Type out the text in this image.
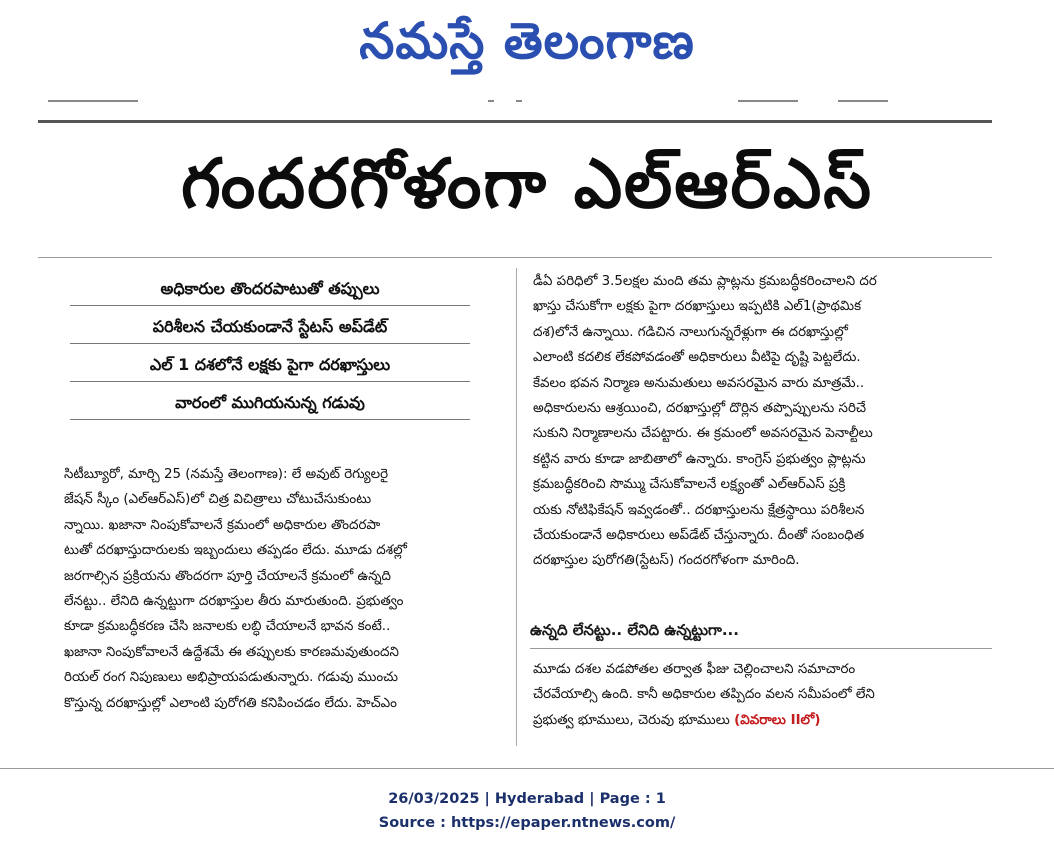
నమస్తే తెలంగాణ
గందరగోళంగా ఎల్ఆర్ఎస్
అధికారుల తొందరపాటుతో తప్పులు
పరిశీలన చేయకుండానే స్టేటస్ అప్‌డేట్
ఎల్ 1 దశలోనే లక్షకు పైగా దరఖాస్తులు
వారంలో ముగియనున్న గడువు
సిటీబ్యూరో, మార్చి 25 (నమస్తే తెలంగాణ): లే అవుట్ రెగ్యులరై
జేషన్ స్కీం (ఎల్ఆర్ఎస్)లో చిత్ర విచిత్రాలు చోటుచేసుకుంటు
న్నాయి. ఖజానా నింపుకోవాలనే క్రమంలో అధికారుల తొందరపా
టుతో దరఖాస్తుదారులకు ఇబ్బందులు తప్పడం లేదు. మూడు దశల్లో
జరగాల్సిన ప్రక్రియను తొందరగా పూర్తి చేయాలనే క్రమంలో ఉన్నది
లేనట్టు.. లేనిది ఉన్నట్టుగా దరఖాస్తుల తీరు మారుతుంది. ప్రభుత్వం
కూడా క్రమబద్ధీకరణ చేసి జనాలకు లబ్ధి చేయాలనే భావన కంటే..
ఖజానా నింపుకోవాలనే ఉద్దేశమే ఈ తప్పులకు కారణమవుతుందని
రియల్ రంగ నిపుణులు అభిప్రాయపడుతున్నారు. గడువు ముంచు
కొస్తున్న దరఖాస్తుల్లో ఎలాంటి పురోగతి కనిపించడం లేదు. హెచ్ఎం
డీఏ పరిధిలో 3.5లక్షల మంది తమ ప్లాట్లను క్రమబద్ధీకరించాలని దర
ఖాస్తు చేసుకోగా లక్షకు పైగా దరఖాస్తులు ఇప్పటికి ఎల్1(ప్రాథమిక
దశ)లోనే ఉన్నాయి. గడిచిన నాలుగున్నరేళ్లుగా ఈ దరఖాస్తుల్లో
ఎలాంటి కదలిక లేకపోవడంతో అధికారులు వీటిపై దృష్టి పెట్టలేదు.
కేవలం భవన నిర్మాణ అనుమతులు అవసరమైన వారు మాత్రమే..
అధికారులను ఆశ్రయించి, దరఖాస్తుల్లో దొర్లిన తప్పొప్పులను సరిచే
సుకుని నిర్మాణాలను చేపట్టారు. ఈ క్రమంలో అవసరమైన పెనాల్టీలు
కట్టిన వారు కూడా జాబితాలో ఉన్నారు. కాంగ్రెస్ ప్రభుత్వం ప్లాట్లను
క్రమబద్ధీకరించి సొమ్ము చేసుకోవాలనే లక్ష్యంతో ఎల్ఆర్ఎస్ ప్రక్రి
యకు నోటిఫికేషన్ ఇవ్వడంతో.. దరఖాస్తులను క్షేత్రస్థాయి పరిశీలన
చేయకుండానే అధికారులు అప్‌డేట్ చేస్తున్నారు. దీంతో సంబంధిత
దరఖాస్తుల పురోగతి(స్టేటస్) గందరగోళంగా మారింది.
ఉన్నది లేనట్టు.. లేనిది ఉన్నట్టుగా...
మూడు దశల వడపోతల తర్వాత ఫీజు చెల్లించాలని సమాచారం
చేరవేయాల్సి ఉంది. కానీ అధికారుల తప్పిదం వలన సమీపంలో లేని
ప్రభుత్వ భూములు, చెరువు భూములు (వివరాలు IIలో)
26/03/2025 | Hyderabad | Page : 1
Source : https://epaper.ntnews.com/
